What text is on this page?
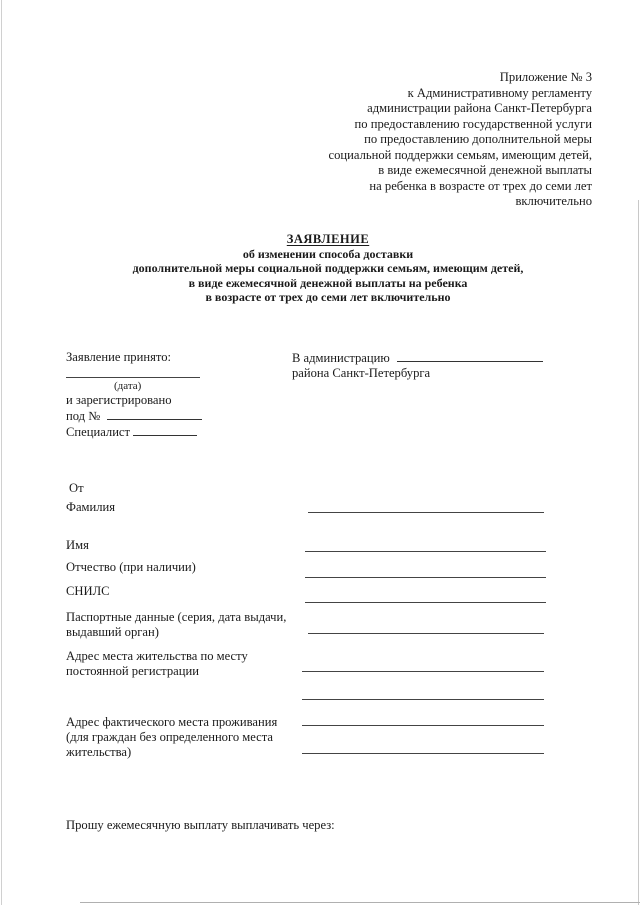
Приложение № 3
к Административному регламенту
администрации района Санкт-Петербурга
по предоставлению государственной услуги
по предоставлению дополнительной меры
социальной поддержки семьям, имеющим детей,
в виде ежемесячной денежной выплаты
на ребенка в возрасте от трех до семи лет
включительно
ЗАЯВЛЕНИЕ
об изменении способа доставки
дополнительной меры социальной поддержки семьям, имеющим детей,
в виде ежемесячной денежной выплаты на ребенка
в возрасте от трех до семи лет включительно
Заявление принято:
(дата)
и зарегистрировано
под №
Специалист
В администрацию
района Санкт-Петербурга
От
Фамилия
Имя
Отчество (при наличии)
СНИЛС
Паспортные данные (серия, дата выдачи,
выдавший орган)
Адрес места жительства по месту
постоянной регистрации
Адрес фактического места проживания
(для граждан без определенного места
жительства)
Прошу ежемесячную выплату выплачивать через:
